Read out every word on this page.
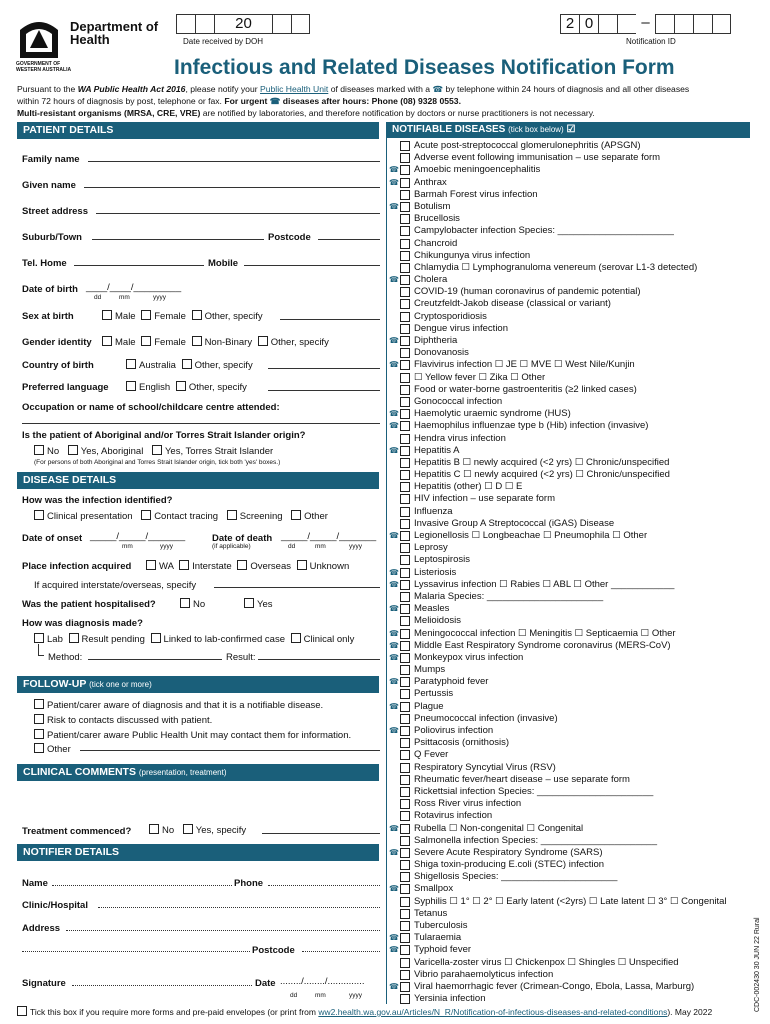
Department of Health
GOVERNMENT OF WESTERN AUSTRALIA
20
Date received by DOH
2 0	–
Notification ID
Infectious and Related Diseases Notification Form
Pursuant to the WA Public Health Act 2016, please notify your Public Health Unit of diseases marked with a ☎ by telephone within 24 hours of diagnosis and all other diseases
within 72 hours of diagnosis by post, telephone or fax. For urgent ☎ diseases after hours: Phone (08) 9328 0553.
Multi-resistant organisms (MRSA, CRE, VRE) are notified by laboratories, and therefore notification by doctors or nurse practitioners is not necessary.
PATIENT DETAILS
Family name
Given name
Street address
Suburb/Town	Postcode
Tel. Home	Mobile
Date of birth ____/____/_________
dd	mm	yyyy
Sex at birth	Male Female Other, specify
Gender identity	Male Female Non-Binary Other, specify
Country of birth	Australia Other, specify
Preferred language	English Other, specify
Occupation or name of school/childcare centre attended:
Is the patient of Aboriginal and/or Torres Strait Islander origin?
No Yes, Aboriginal Yes, Torres Strait Islander
(For persons of both Aboriginal and Torres Strait Islander origin, tick both 'yes' boxes.)
DISEASE DETAILS
How was the infection identified?
Clinical presentation Contact tracing Screening Other
Date of onset _____/_____/_______
mm	yyyy
Date of death
(if applicable)
_____/_____/_______
dd	mm	yyyy
Place infection acquired	WA Interstate Overseas Unknown
If acquired interstate/overseas, specify
Was the patient hospitalised?	No	Yes
How was diagnosis made?
Lab Result pending Linked to lab-confirmed case Clinical only
Method:	Result:
FOLLOW-UP (tick one or more)
Patient/carer aware of diagnosis and that it is a notifiable disease.
Risk to contacts discussed with patient.
Patient/carer aware Public Health Unit may contact them for information.
Other
CLINICAL COMMENTS (presentation, treatment)
Treatment commenced?	No Yes, specify
NOTIFIER DETAILS
Name	Phone
Clinic/Hospital
Address
Postcode
Signature	Date ......../......../..............
dd	mm	yyyy
NOTIFIABLE DISEASES (tick box below) ☑
Acute post-streptococcal glomerulonephritis (APSGN)
Adverse event following immunisation – use separate form
☎ Amoebic meningoencephalitis
☎ Anthrax
Barmah Forest virus infection
☎ Botulism
Brucellosis
Campylobacter infection Species: ______________________
Chancroid
Chikungunya virus infection
Chlamydia ☐ Lymphogranuloma venereum (serovar L1-3 detected)
☎ Cholera
COVID-19 (human coronavirus of pandemic potential)
Creutzfeldt-Jakob disease (classical or variant)
Cryptosporidiosis
Dengue virus infection
☎ Diphtheria
Donovanosis
☎ Flavivirus infection ☐ JE ☐ MVE ☐ West Nile/Kunjin
☐ Yellow fever ☐ Zika ☐ Other
Food or water-borne gastroenteritis (≥2 linked cases)
Gonococcal infection
☎ Haemolytic uraemic syndrome (HUS)
☎ Haemophilus influenzae type b (Hib) infection (invasive)
Hendra virus infection
☎ Hepatitis A
Hepatitis B ☐ newly acquired (<2 yrs) ☐ Chronic/unspecified
Hepatitis C ☐ newly acquired (<2 yrs) ☐ Chronic/unspecified
Hepatitis (other) ☐ D ☐ E
HIV infection – use separate form
Influenza
Invasive Group A Streptococcal (iGAS) Disease
☎ Legionellosis ☐ Longbeachae ☐ Pneumophila ☐ Other
Leprosy
Leptospirosis
☎ Listeriosis
☎ Lyssavirus infection ☐ Rabies ☐ ABL ☐ Other ____________
Malaria Species: ______________________
☎ Measles
Melioidosis
☎ Meningococcal infection ☐ Meningitis ☐ Septicaemia ☐ Other
☎ Middle East Respiratory Syndrome coronavirus (MERS-CoV)
☎ Monkeypox virus infection
Mumps
☎ Paratyphoid fever
Pertussis
☎ Plague
Pneumococcal infection (invasive)
☎ Poliovirus infection
Psittacosis (ornithosis)
Q Fever
Respiratory Syncytial Virus (RSV)
Rheumatic fever/heart disease – use separate form
Rickettsial infection Species: ______________________
Ross River virus infection
Rotavirus infection
☎ Rubella ☐ Non-congenital ☐ Congenital
Salmonella infection Species: ______________________
☎ Severe Acute Respiratory Syndrome (SARS)
Shiga toxin-producing E.coli (STEC) infection
Shigellosis Species: ______________________
☎ Smallpox
Syphilis ☐ 1° ☐ 2° ☐ Early latent (<2yrs) ☐ Late latent ☐ 3° ☐ Congenital
Tetanus
Tuberculosis
☎ Tularaemia
☎ Typhoid fever
Varicella-zoster virus ☐ Chickenpox ☐ Shingles ☐ Unspecified
Vibrio parahaemolyticus infection
☎ Viral haemorrhagic fever (Crimean-Congo, Ebola, Lassa, Marburg)
Yersinia infection
Tick this box if you require more forms and pre-paid envelopes (or print from ww2.health.wa.gov.au/Articles/N_R/Notification-of-infectious-diseases-and-related-conditions). May 2022	CDC-002430 30 JUN 22 Rural
